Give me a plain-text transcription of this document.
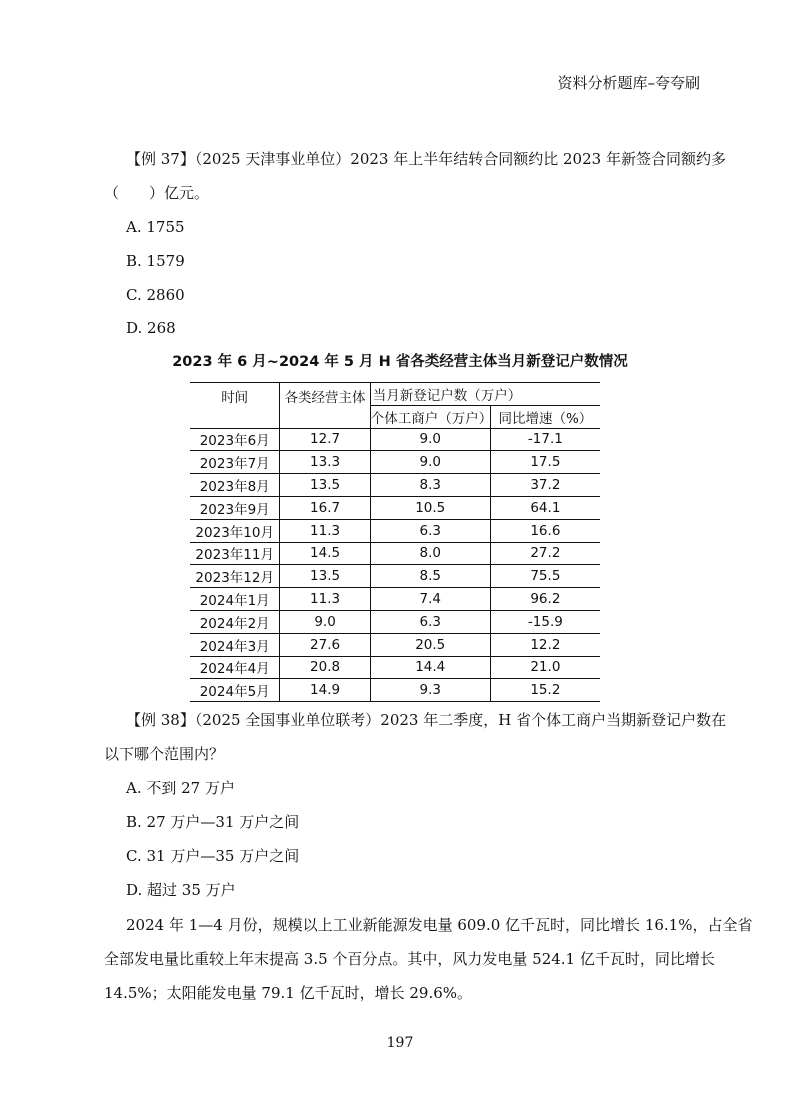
资料分析题库–夸夸刷
【例 37】（2025 天津事业单位）2023 年上半年结转合同额约比 2023 年新签合同额约多
（　　）亿元。
A. 1755
B. 1579
C. 2860
D. 268
2023 年 6 月~2024 年 5 月 H 省各类经营主体当月新登记户数情况
时间	各类经营主体	当月新登记户数（万户）	
		个体工商户（万户）	同比增速（%）
2023年6月	12.7	9.0	-17.1
2023年7月	13.3	9.0	17.5
2023年8月	13.5	8.3	37.2
2023年9月	16.7	10.5	64.1
2023年10月	11.3	6.3	16.6
2023年11月	14.5	8.0	27.2
2023年12月	13.5	8.5	75.5
2024年1月	11.3	7.4	96.2
2024年2月	9.0	6.3	-15.9
2024年3月	27.6	20.5	12.2
2024年4月	20.8	14.4	21.0
2024年5月	14.9	9.3	15.2
【例 38】（2025 全国事业单位联考）2023 年二季度，H 省个体工商户当期新登记户数在
以下哪个范围内？
A. 不到 27 万户
B. 27 万户—31 万户之间
C. 31 万户—35 万户之间
D. 超过 35 万户
2024 年 1—4 月份，规模以上工业新能源发电量 609.0 亿千瓦时，同比增长 16.1%，占全省
全部发电量比重较上年末提高 3.5 个百分点。其中，风力发电量 524.1 亿千瓦时，同比增长
14.5%；太阳能发电量 79.1 亿千瓦时，增长 29.6%。
197
